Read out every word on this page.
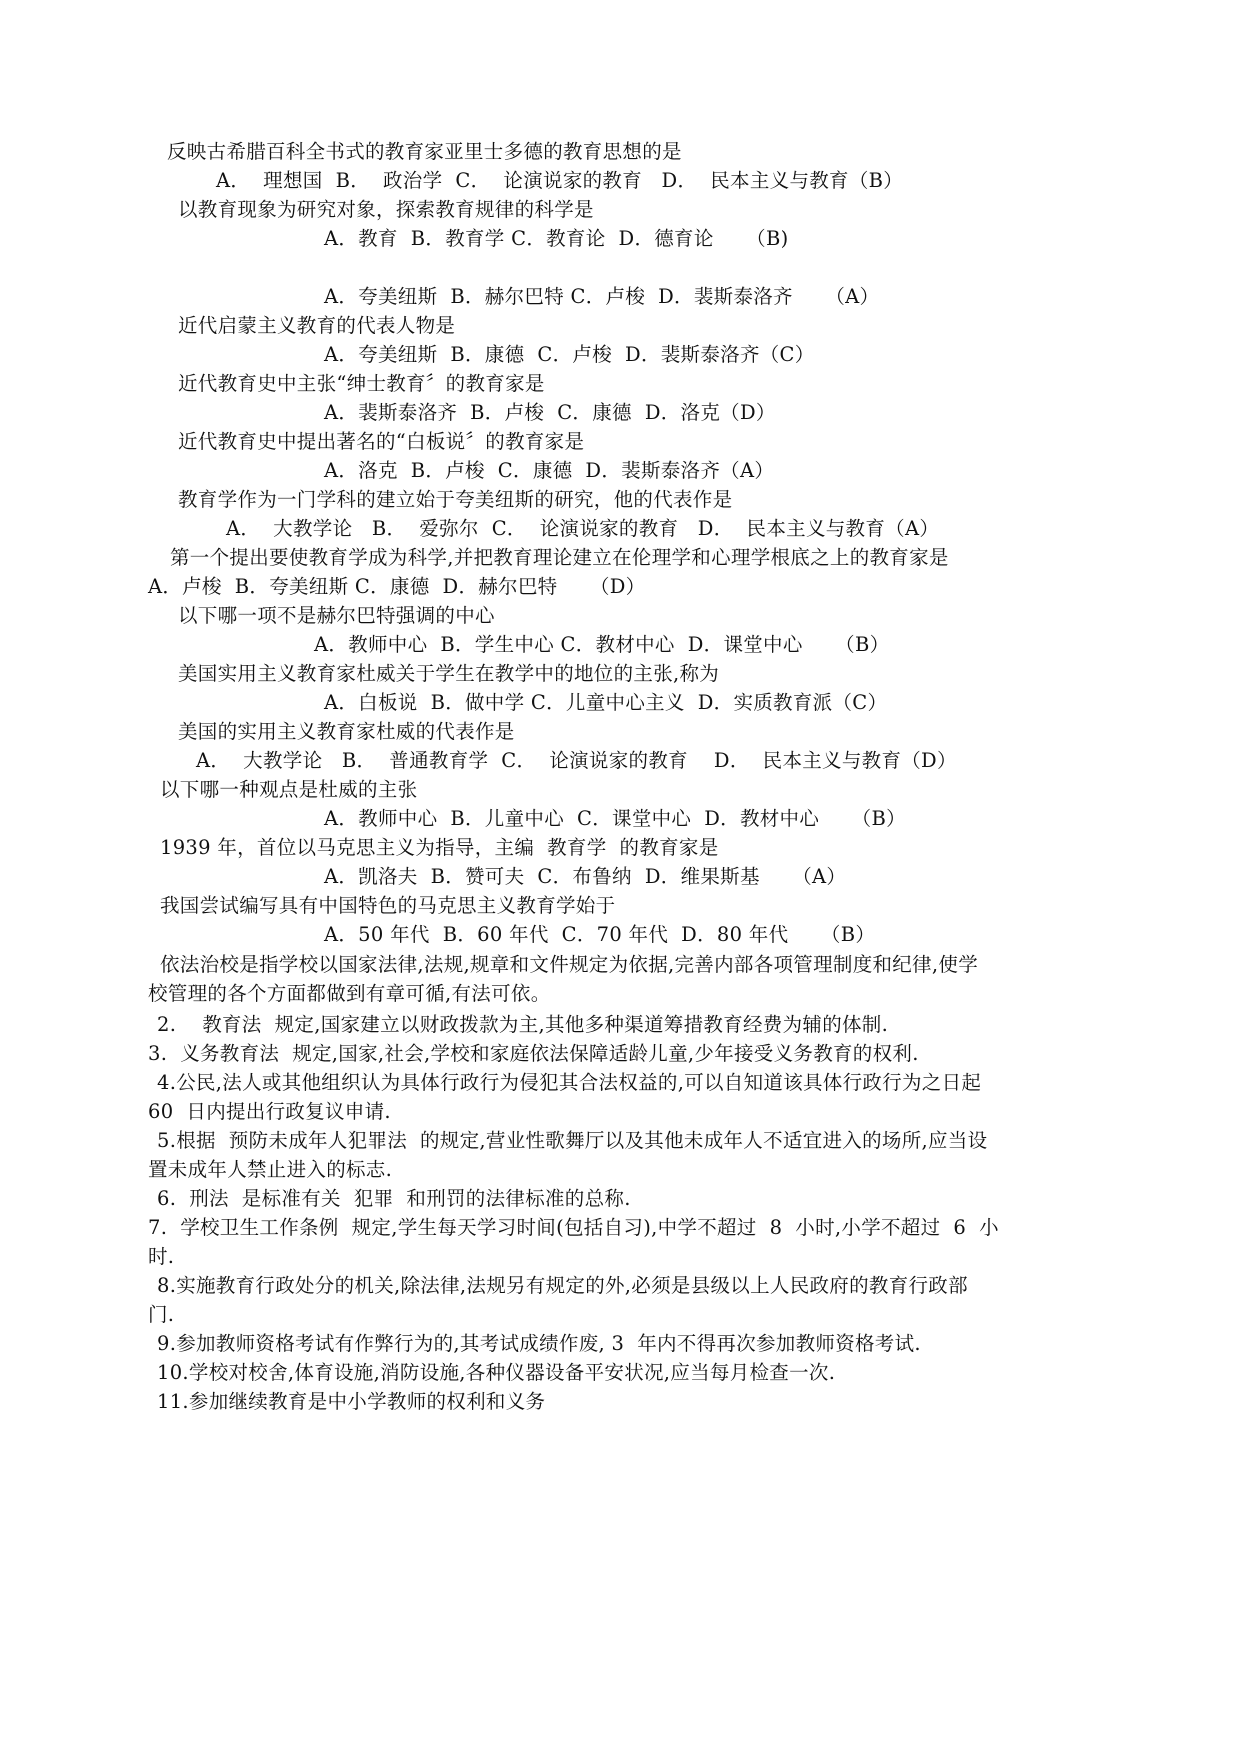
反映古希腊百科全书式的教育家亚里士多德的教育思想的是
A．  理想国  B．  政治学  C．  论演说家的教育   D．  民本主义与教育（B）
以教育现象为研究对象，探索教育规律的科学是
A．教育  B．教育学 C．教育论  D．德育论     （B)
A．夸美纽斯  B．赫尔巴特 C．卢梭  D．裴斯泰洛齐     （A）
近代启蒙主义教育的代表人物是
A．夸美纽斯  B．康德  C．卢梭  D．裴斯泰洛齐（C）
近代教育史中主张“绅士教育〞的教育家是
A．裴斯泰洛齐  B．卢梭  C．康德  D．洛克（D）
近代教育史中提出著名的“白板说〞的教育家是
A．洛克  B．卢梭  C．康德  D．裴斯泰洛齐（A）
教育学作为一门学科的建立始于夸美纽斯的研究，他的代表作是
A．  大教学论   B．  爱弥尔  C．  论演说家的教育   D．  民本主义与教育（A）
第一个提出要使教育学成为科学,并把教育理论建立在伦理学和心理学根底之上的教育家是
A．卢梭  B．夸美纽斯 C．康德  D．赫尔巴特     （D）
以下哪一项不是赫尔巴特强调的中心
A．教师中心  B．学生中心 C．教材中心  D．课堂中心     （B）
美国实用主义教育家杜威关于学生在教学中的地位的主张,称为
A．白板说  B．做中学 C．儿童中心主义  D．实质教育派（C）
美国的实用主义教育家杜威的代表作是
A．  大教学论   B．  普通教育学  C．  论演说家的教育    D．  民本主义与教育（D）
以下哪一种观点是杜威的主张
A．教师中心  B．儿童中心  C．课堂中心  D．教材中心     （B）
1939 年，首位以马克思主义为指导，主编  教育学  的教育家是
A．凯洛夫  B．赞可夫  C．布鲁纳  D．维果斯基     （A）
我国尝试编写具有中国特色的马克思主义教育学始于
A．50 年代  B．60 年代  C．70 年代  D．80 年代     （B）
依法治校是指学校以国家法律,法规,规章和文件规定为依据,完善内部各项管理制度和纪律,使学
校管理的各个方面都做到有章可循,有法可依。
2.    教育法  规定,国家建立以财政拨款为主,其他多种渠道筹措教育经费为辅的体制.
3.  义务教育法  规定,国家,社会,学校和家庭依法保障适龄儿童,少年接受义务教育的权利.
4.公民,法人或其他组织认为具体行政行为侵犯其合法权益的,可以自知道该具体行政行为之日起
60  日内提出行政复议申请.
5.根据  预防未成年人犯罪法  的规定,营业性歌舞厅以及其他未成年人不适宜进入的场所,应当设
置未成年人禁止进入的标志.
6.  刑法  是标准有关  犯罪  和刑罚的法律标准的总称.
7.  学校卫生工作条例  规定,学生每天学习时间(包括自习),中学不超过  8  小时,小学不超过  6  小
时.
8.实施教育行政处分的机关,除法律,法规另有规定的外,必须是县级以上人民政府的教育行政部
门.
9.参加教师资格考试有作弊行为的,其考试成绩作废, 3  年内不得再次参加教师资格考试.
10.学校对校舍,体育设施,消防设施,各种仪器设备平安状况,应当每月检查一次.
11.参加继续教育是中小学教师的权利和义务
